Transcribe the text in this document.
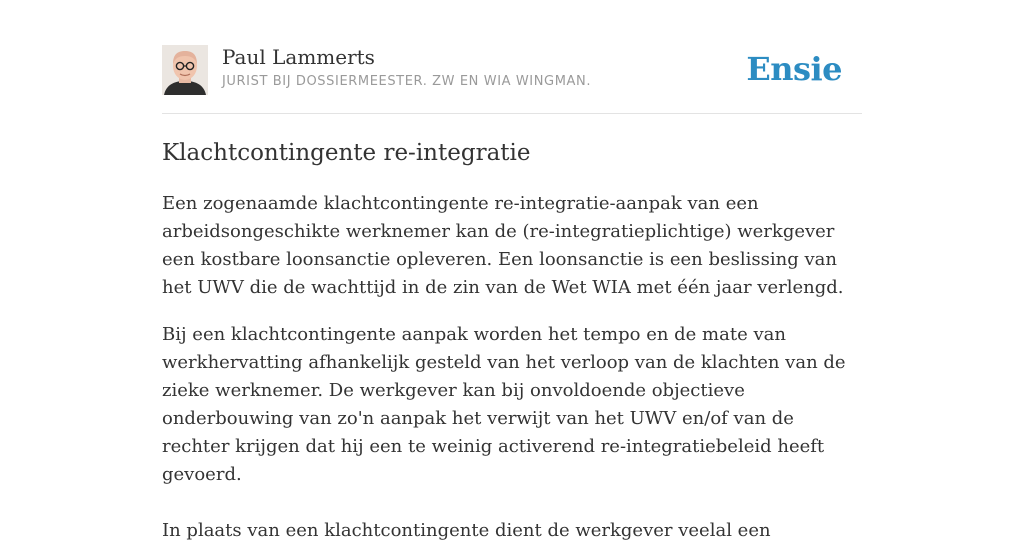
Paul Lammerts
JURIST BIJ DOSSIERMEESTER. ZW EN WIA WINGMAN.	Ensie
Klachtcontingente re-integratie

Een zogenaamde klachtcontingente re-integratie-aanpak van een arbeidsongeschikte werknemer kan de (re-integratieplichtige) werkgever een kostbare loonsanctie opleveren. Een loonsanctie is een beslissing van het UWV die de wachttijd in de zin van de Wet WIA met één jaar verlengd.

Bij een klachtcontingente aanpak worden het tempo en de mate van werkhervatting afhankelijk gesteld van het verloop van de klachten van de zieke werknemer. De werkgever kan bij onvoldoende objectieve onderbouwing van zo'n aanpak het verwijt van het UWV en/of van de rechter krijgen dat hij een te weinig activerend re-integratiebeleid heeft gevoerd.

In plaats van een klachtcontingente dient de werkgever veelal een
